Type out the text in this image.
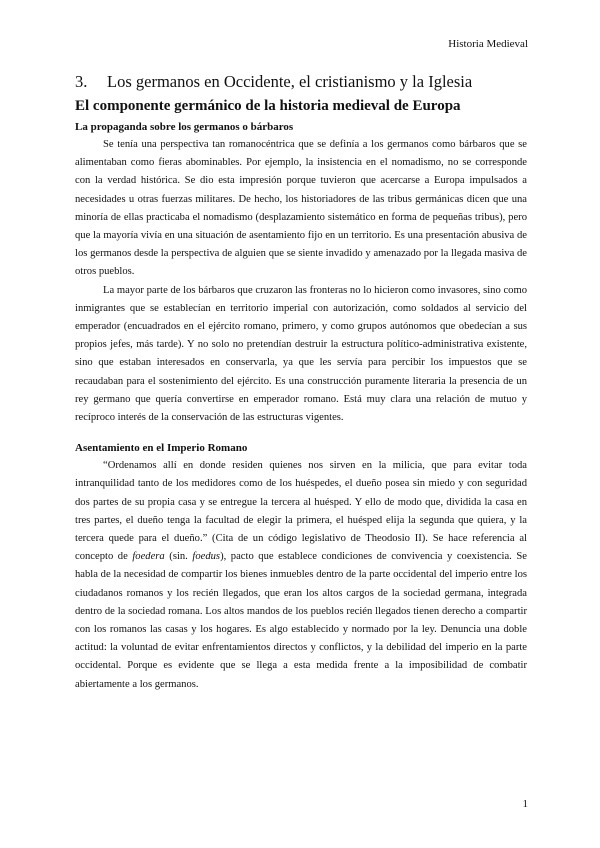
Historia Medieval
3.	Los germanos en Occidente, el cristianismo y la Iglesia
El componente germánico de la historia medieval de Europa
La propaganda sobre los germanos o bárbaros

Se tenía una perspectiva tan romanocéntrica que se definía a los germanos como bárbaros que se alimentaban como fieras abominables. Por ejemplo, la insistencia en el nomadismo, no se corresponde con la verdad histórica. Se dio esta impresión porque tuvieron que acercarse a Europa impulsados a necesidades u otras fuerzas militares. De hecho, los historiadores de las tribus germánicas dicen que una minoría de ellas practicaba el nomadismo (desplazamiento sistemático en forma de pequeñas tribus), pero que la mayoría vivía en una situación de asentamiento fijo en un territorio. Es una presentación abusiva de los germanos desde la perspectiva de alguien que se siente invadido y amenazado por la llegada masiva de otros pueblos.

La mayor parte de los bárbaros que cruzaron las fronteras no lo hicieron como invasores, sino como inmigrantes que se establecían en territorio imperial con autorización, como soldados al servicio del emperador (encuadrados en el ejército romano, primero, y como grupos autónomos que obedecían a sus propios jefes, más tarde). Y no solo no pretendían destruir la estructura político-administrativa existente, sino que estaban interesados en conservarla, ya que les servía para percibir los impuestos que se recaudaban para el sostenimiento del ejército. Es una construcción puramente literaria la presencia de un rey germano que quería convertirse en emperador romano. Está muy clara una relación de mutuo y recíproco interés de la conservación de las estructuras vigentes.

Asentamiento en el Imperio Romano

“Ordenamos allí en donde residen quienes nos sirven en la milicia, que para evitar toda intranquilidad tanto de los medidores como de los huéspedes, el dueño posea sin miedo y con seguridad dos partes de su propia casa y se entregue la tercera al huésped. Y ello de modo que, dividida la casa en tres partes, el dueño tenga la facultad de elegir la primera, el huésped elija la segunda que quiera, y la tercera quede para el dueño.” (Cita de un código legislativo de Theodosio II). Se hace referencia al concepto de foedera (sin. foedus), pacto que establece condiciones de convivencia y coexistencia. Se habla de la necesidad de compartir los bienes inmuebles dentro de la parte occidental del imperio entre los ciudadanos romanos y los recién llegados, que eran los altos cargos de la sociedad germana, integrada dentro de la sociedad romana. Los altos mandos de los pueblos recién llegados tienen derecho a compartir con los romanos las casas y los hogares. Es algo establecido y normado por la ley. Denuncia una doble actitud: la voluntad de evitar enfrentamientos directos y conflictos, y la debilidad del imperio en la parte occidental. Porque es evidente que se llega a esta medida frente a la imposibilidad de combatir abiertamente a los germanos.

1
